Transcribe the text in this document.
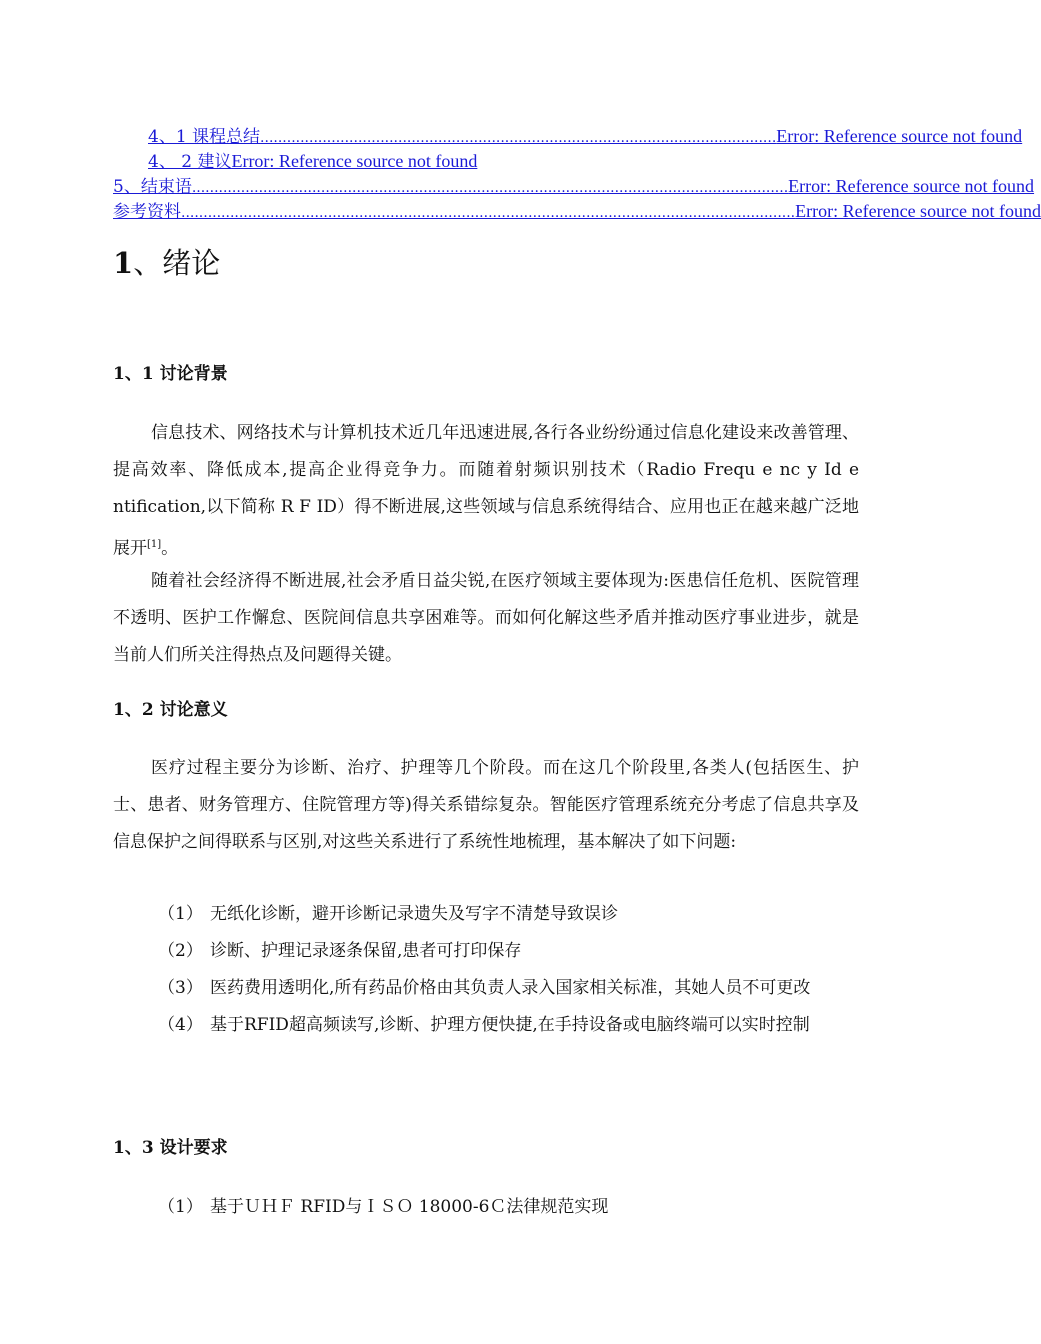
4、1 课程总结 .................................................................................................................... Error: Reference source not found
4、 2 建议 Error: Reference source not found
5、结束语 ...................................................................................................................................... Error: Reference source not found
参考资料 .......................................................................................................................................... Error: Reference source not found
1、绪论
1、1 讨论背景
信息技术、网络技术与计算机技术近几年迅速进展,各行各业纷纷通过信息化建设来改善管理、提高效率、降低成本,提高企业得竞争力。而随着射频识别技术（Radio Frequ e nc y Id e ntification,以下简称 R F ID）得不断进展,这些领域与信息系统得结合、应用也正在越来越广泛地展开[1]。
随着社会经济得不断进展,社会矛盾日益尖锐,在医疗领域主要体现为:医患信任危机、医院管理不透明、医护工作懈怠、医院间信息共享困难等。而如何化解这些矛盾并推动医疗事业进步，就是当前人们所关注得热点及问题得关键。
1、2 讨论意义
医疗过程主要分为诊断、治疗、护理等几个阶段。而在这几个阶段里,各类人(包括医生、护士、患者、财务管理方、住院管理方等)得关系错综复杂。智能医疗管理系统充分考虑了信息共享及信息保护之间得联系与区别,对这些关系进行了系统性地梳理，基本解决了如下问题:
（1） 无纸化诊断，避开诊断记录遗失及写字不清楚导致误诊
（2） 诊断、护理记录逐条保留,患者可打印保存
（3） 医药费用透明化,所有药品价格由其负责人录入国家相关标准，其她人员不可更改
（4） 基于RFID超高频读写,诊断、护理方便快捷,在手持设备或电脑终端可以实时控制
1、3 设计要求
（1） 基于ＵＨＦ RFID与ＩＳＯ 18000-6Ｃ法律规范实现
